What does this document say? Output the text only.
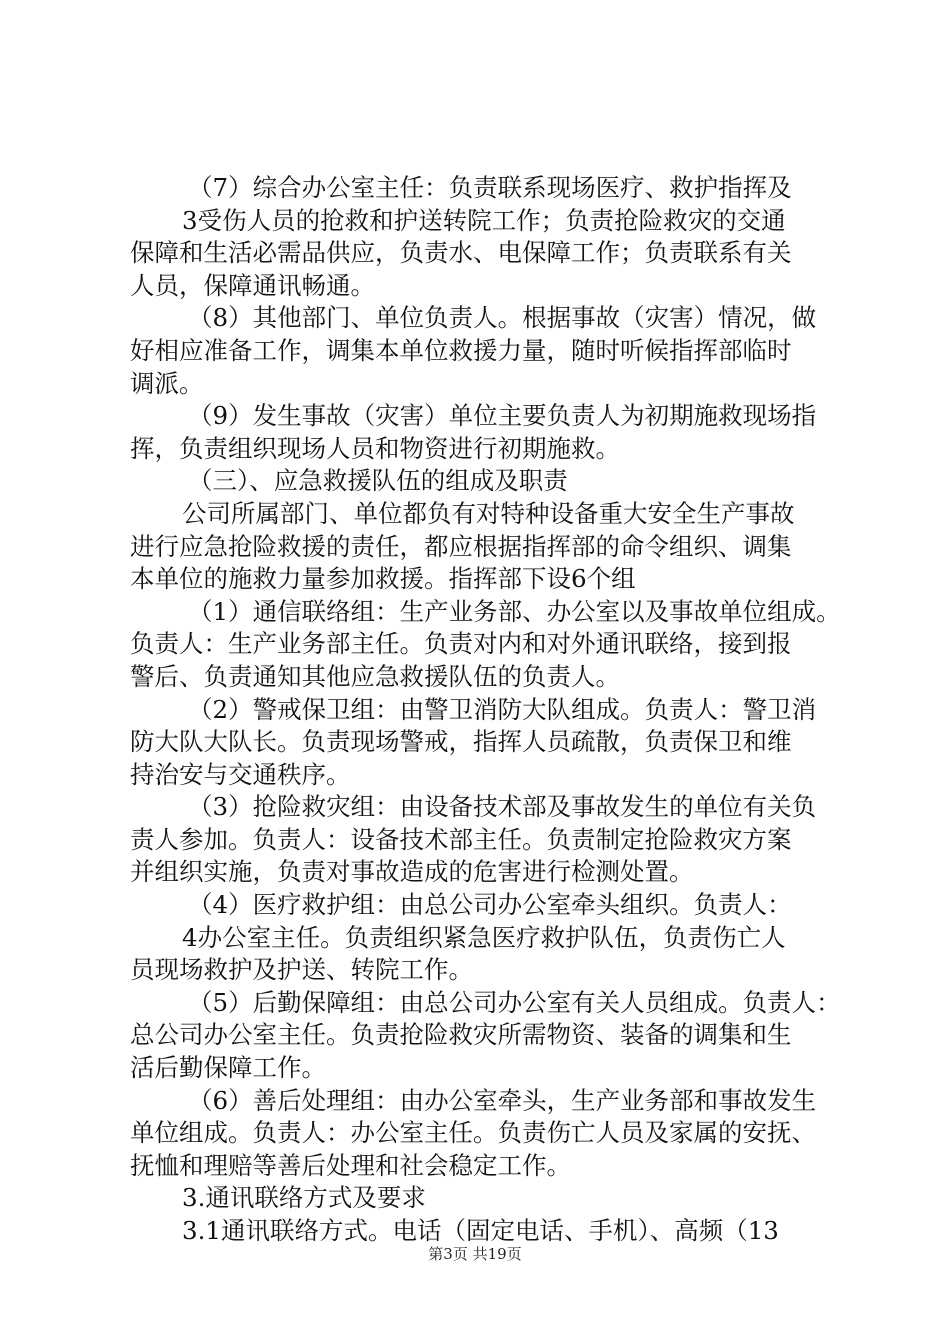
（7）综合办公室主任：负责联系现场医疗、救护指挥及
3受伤人员的抢救和护送转院工作；负责抢险救灾的交通
保障和生活必需品供应，负责水、电保障工作；负责联系有关
人员，保障通讯畅通。
（8）其他部门、单位负责人。根据事故（灾害）情况，做
好相应准备工作，调集本单位救援力量，随时听候指挥部临时
调派。
（9）发生事故（灾害）单位主要负责人为初期施救现场指
挥，负责组织现场人员和物资进行初期施救。
（三）、应急救援队伍的组成及职责
公司所属部门、单位都负有对特种设备重大安全生产事故
进行应急抢险救援的责任，都应根据指挥部的命令组织、调集
本单位的施救力量参加救援。指挥部下设6个组
（1）通信联络组：生产业务部、办公室以及事故单位组成。
负责人：生产业务部主任。负责对内和对外通讯联络，接到报
警后、负责通知其他应急救援队伍的负责人。
（2）警戒保卫组：由警卫消防大队组成。负责人：警卫消
防大队大队长。负责现场警戒，指挥人员疏散，负责保卫和维
持治安与交通秩序。
（3）抢险救灾组：由设备技术部及事故发生的单位有关负
责人参加。负责人：设备技术部主任。负责制定抢险救灾方案
并组织实施，负责对事故造成的危害进行检测处置。
（4）医疗救护组：由总公司办公室牵头组织。负责人：
4办公室主任。负责组织紧急医疗救护队伍，负责伤亡人
员现场救护及护送、转院工作。
（5）后勤保障组：由总公司办公室有关人员组成。负责人：
总公司办公室主任。负责抢险救灾所需物资、装备的调集和生
活后勤保障工作。
（6）善后处理组：由办公室牵头，生产业务部和事故发生
单位组成。负责人：办公室主任。负责伤亡人员及家属的安抚、
抚恤和理赔等善后处理和社会稳定工作。
3.通讯联络方式及要求
3.1通讯联络方式。电话（固定电话、手机）、高频（13
第3页 共19页
